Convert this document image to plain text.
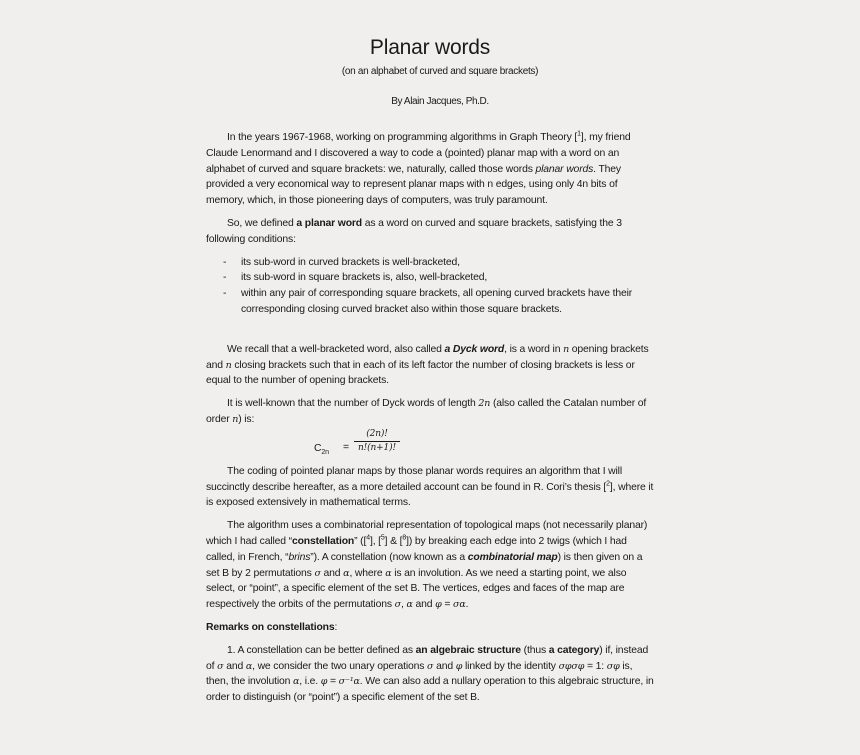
Planar words
(on an alphabet of curved and square brackets)
By Alain Jacques, Ph.D.

In the years 1967-1968, working on programming algorithms in Graph Theory [$^1$], my friend Claude Lenormand and I discovered a way to code a (pointed) planar map with a word on an alphabet of curved and square brackets: we, naturally, called those words planar words. They provided a very economical way to represent planar maps with n edges, using only 4n bits of memory, which, in those pioneering days of computers, was truly paramount.

So, we defined a planar word as a word on curved and square brackets, satisfying the 3 following conditions:

- its sub-word in curved brackets is well-bracketed,
- its sub-word in square brackets is, also, well-bracketed,
- within any pair of corresponding square brackets, all opening curved brackets have their corresponding closing curved bracket also within those square brackets.

We recall that a well-bracketed word, also called a Dyck word, is a word in n opening brackets and n closing brackets such that in each of its left factor the number of closing brackets is less or equal to the number of opening brackets.

It is well-known that the number of Dyck words of length 2n (also called the Catalan number of order n) is:

$C_{2n} = \frac{(2n)!}{n!(n+1)!}$

The coding of pointed planar maps by those planar words requires an algorithm that I will succinctly describe hereafter, as a more detailed account can be found in R. Cori’s thesis [$^2$], where it is exposed extensively in mathematical terms.

The algorithm uses a combinatorial representation of topological maps (not necessarily planar) which I had called “constellation” ([$^4$], [$^5$] & [$^8$]) by breaking each edge into 2 twigs (which I had called, in French, “brins”). A constellation (now known as a combinatorial map) is then given on a set B by 2 permutations σ and α, where α is an involution. As we need a starting point, we also select, or “point”, a specific element of the set B. The vertices, edges and faces of the map are respectively the orbits of the permutations σ, α and φ = σα.

Remarks on constellations:

1. A constellation can be better defined as an algebraic structure (thus a category) if, instead of σ and α, we consider the two unary operations σ and φ linked by the identity σφσφ = 1: σφ is, then, the involution α, i.e. φ = σ⁻¹α. We can also add a nullary operation to this algebraic structure, in order to distinguish (or “point”) a specific element of the set B.
